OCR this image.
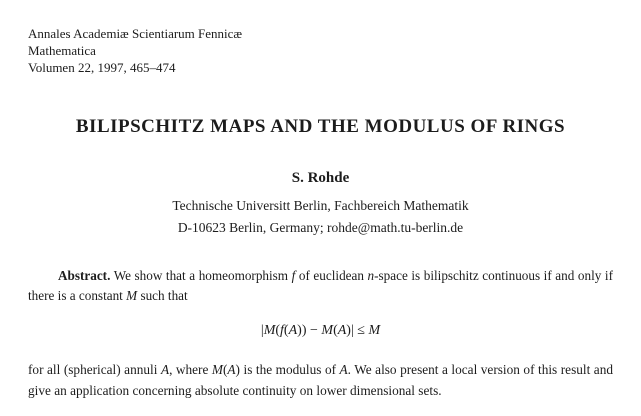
Annales Academiæ Scientiarum Fennicæ
Mathematica
Volumen 22, 1997, 465–474
BILIPSCHITZ MAPS AND THE MODULUS OF RINGS
S. Rohde
Technische Universitt Berlin, Fachbereich Mathematik
D-10623 Berlin, Germany; rohde@math.tu-berlin.de

Abstract. We show that a homeomorphism f of euclidean n-space is bilipschitz continuous if and only if there is a constant M such that

|M(f(A)) − M(A)| ≤ M

for all (spherical) annuli A, where M(A) is the modulus of A. We also present a local version of this result and give an application concerning absolute continuity on lower dimensional sets.
